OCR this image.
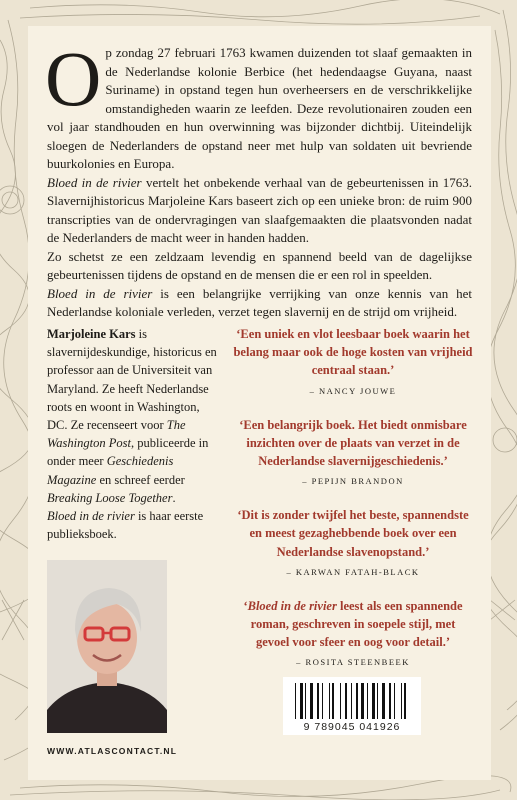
Op zondag 27 februari 1763 kwamen duizenden tot slaaf gemaakten in de Nederlandse kolonie Berbice (het hedendaagse Guyana, naast Suriname) in opstand tegen hun overheersers en de verschrikkelijke omstandigheden waarin ze leefden. Deze revolutionairen zouden een vol jaar standhouden en hun overwinning was bijzonder dichtbij. Uiteindelijk sloegen de Nederlanders de opstand neer met hulp van soldaten uit bevriende buurkolonies en Europa.

Bloed in de rivier vertelt het onbekende verhaal van de gebeurtenissen in 1763. Slavernijhistoricus Marjoleine Kars baseert zich op een unieke bron: de ruim 900 transcripties van de ondervragingen van slaafgemaakten die plaatsvonden nadat de Nederlanders de macht weer in handen hadden.

Zo schetst ze een zeldzaam levendig en spannend beeld van de dagelijkse gebeurtenissen tijdens de opstand en de mensen die er een rol in speelden.

Bloed in de rivier is een belangrijke verrijking van onze kennis van het Nederlandse koloniale verleden, verzet tegen slavernij en de strijd om vrijheid.

Marjoleine Kars is slavernijdeskundige, historicus en professor aan de Universiteit van Maryland. Ze heeft Nederlandse roots en woont in Washington, DC. Ze recenseert voor The Washington Post, publiceerde in onder meer Geschiedenis Magazine en schreef eerder Breaking Loose Together.
Bloed in de rivier is haar eerste publieksboek.

WWW.ATLASCONTACT.NL
‘Een uniek en vlot leesbaar boek waarin het belang maar ook de hoge kosten van vrijheid centraal staan.’
– NANCY JOUWE
‘Een belangrijk boek. Het biedt onmisbare inzichten over de plaats van verzet in de Nederlandse slavernijgeschiedenis.’
– PEPIJN BRANDON
‘Dit is zonder twijfel het beste, spannendste en meest gezaghebbende boek over een Nederlandse slavenopstand.’
– KARWAN FATAH-BLACK
‘Bloed in de rivier leest als een spannende roman, geschreven in soepele stijl, met gevoel voor sfeer en oog voor detail.’
– ROSITA STEENBEEK
9 789045 041926
